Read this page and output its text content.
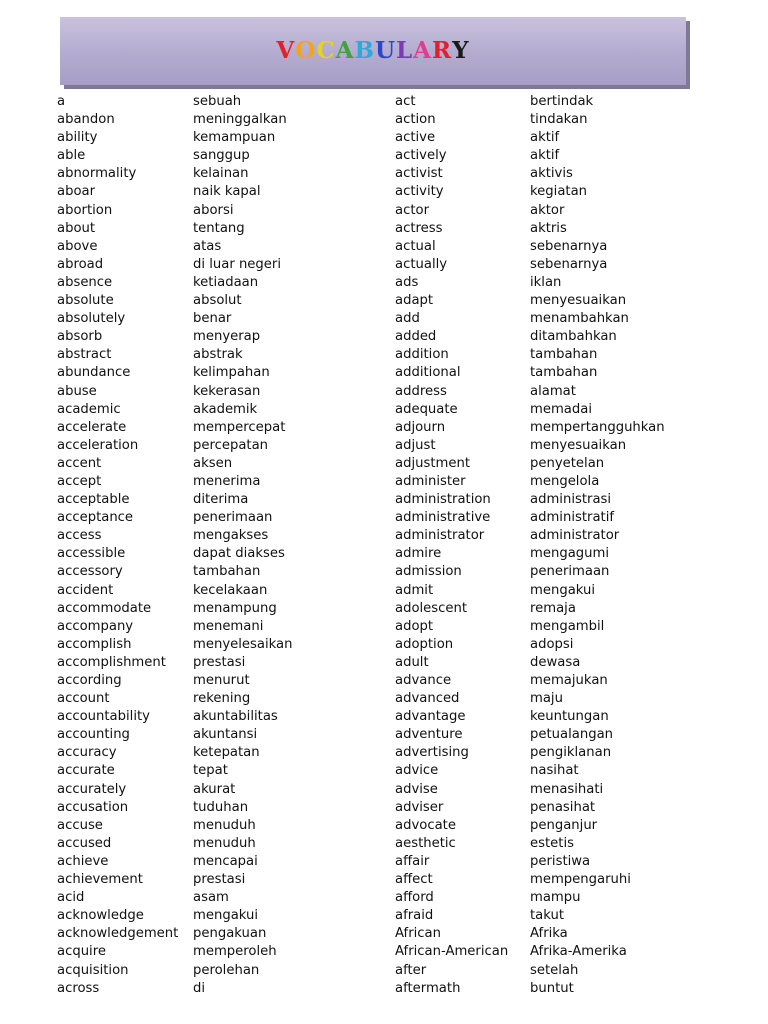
VOCABULARY
a
abandon
ability
able
abnormality
aboar
abortion
about
above
abroad
absence
absolute
absolutely
absorb
abstract
abundance
abuse
academic
accelerate
acceleration
accent
accept
acceptable
acceptance
access
accessible
accessory
accident
accommodate
accompany
accomplish
accomplishment
according
account
accountability
accounting
accuracy
accurate
accurately
accusation
accuse
accused
achieve
achievement
acid
acknowledge
acknowledgement
acquire
acquisition
across
sebuah
meninggalkan
kemampuan
sanggup
kelainan
naik kapal
aborsi
tentang
atas
di luar negeri
ketiadaan
absolut
benar
menyerap
abstrak
kelimpahan
kekerasan
akademik
mempercepat
percepatan
aksen
menerima
diterima
penerimaan
mengakses
dapat diakses
tambahan
kecelakaan
menampung
menemani
menyelesaikan
prestasi
menurut
rekening
akuntabilitas
akuntansi
ketepatan
tepat
akurat
tuduhan
menuduh
menuduh
mencapai
prestasi
asam
mengakui
pengakuan
memperoleh
perolehan
di
act
action
active
actively
activist
activity
actor
actress
actual
actually
ads
adapt
add
added
addition
additional
address
adequate
adjourn
adjust
adjustment
administer
administration
administrative
administrator
admire
admission
admit
adolescent
adopt
adoption
adult
advance
advanced
advantage
adventure
advertising
advice
advise
adviser
advocate
aesthetic
affair
affect
afford
afraid
African
African-American
after
aftermath
bertindak
tindakan
aktif
aktif
aktivis
kegiatan
aktor
aktris
sebenarnya
sebenarnya
iklan
menyesuaikan
menambahkan
ditambahkan
tambahan
tambahan
alamat
memadai
mempertangguhkan
menyesuaikan
penyetelan
mengelola
administrasi
administratif
administrator
mengagumi
penerimaan
mengakui
remaja
mengambil
adopsi
dewasa
memajukan
maju
keuntungan
petualangan
pengiklanan
nasihat
menasihati
penasihat
penganjur
estetis
peristiwa
mempengaruhi
mampu
takut
Afrika
Afrika-Amerika
setelah
buntut
